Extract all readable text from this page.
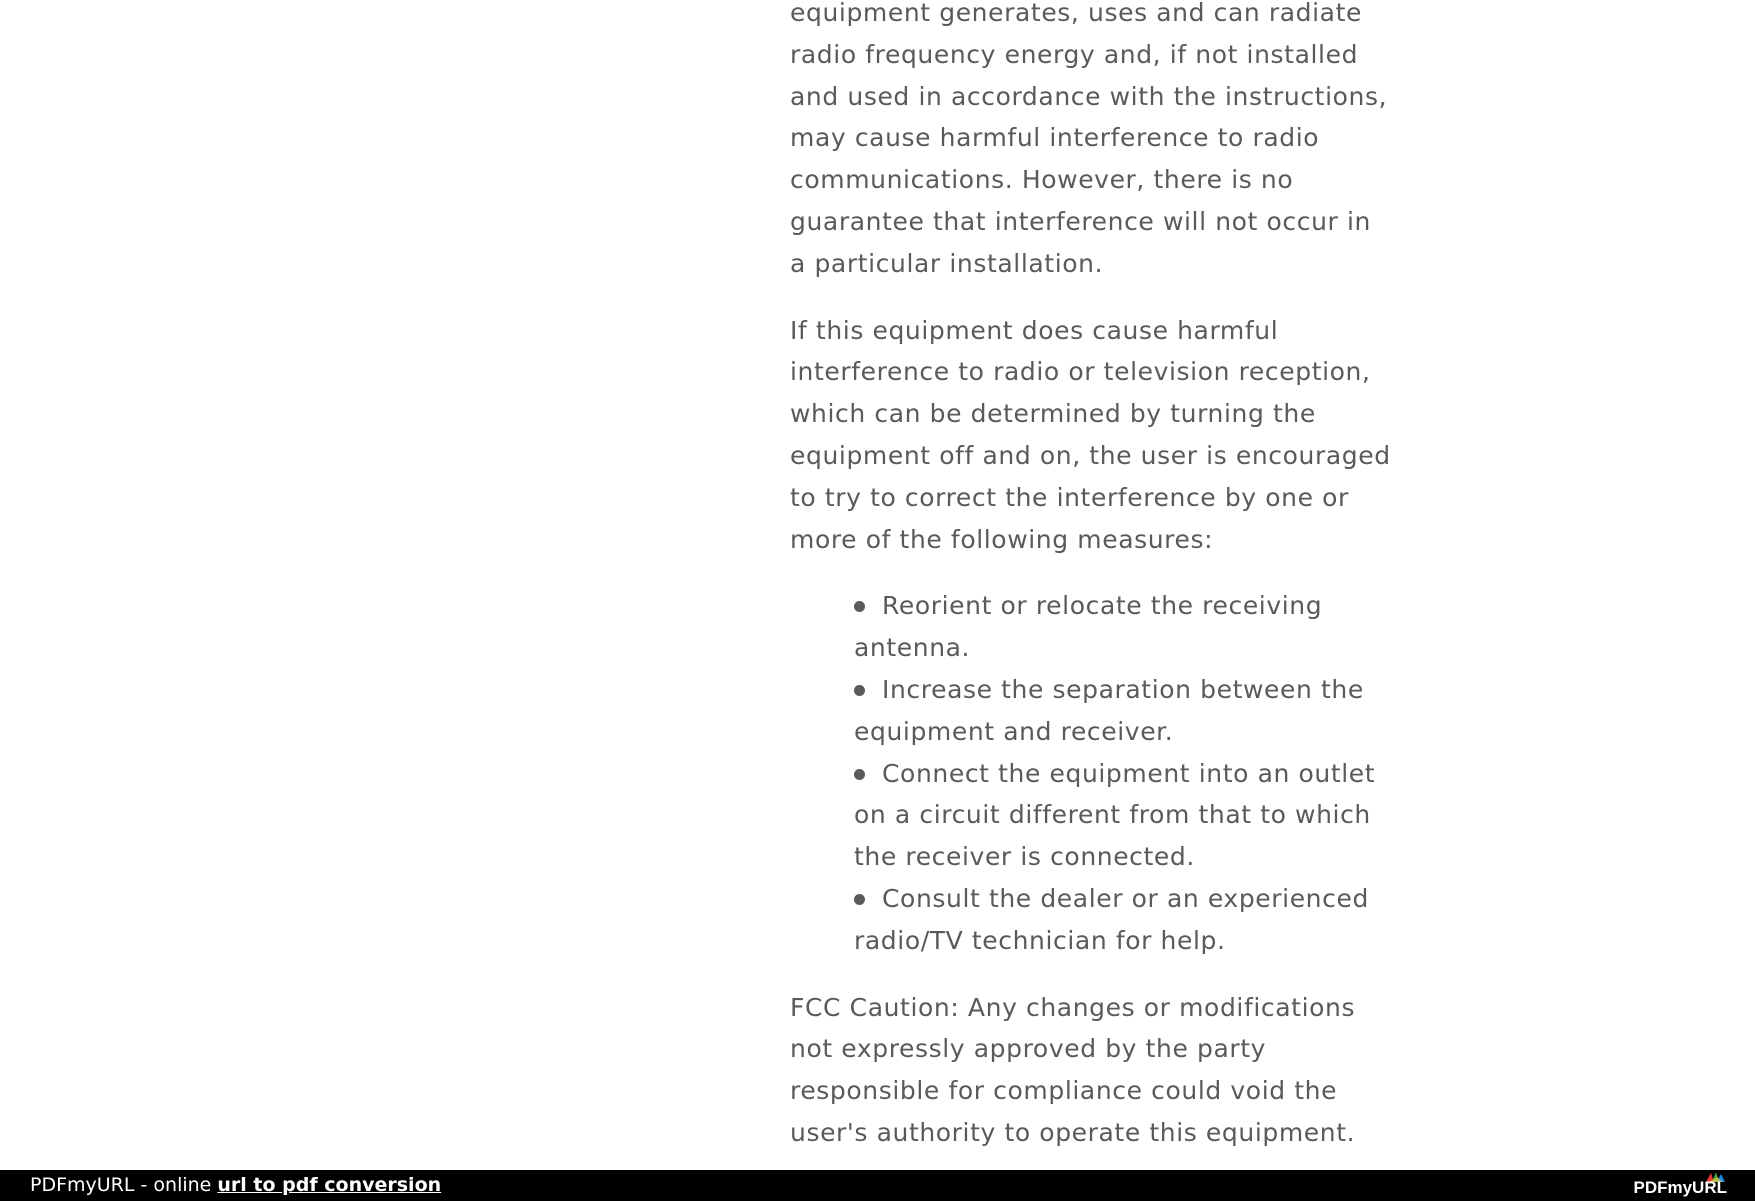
equipment generates, uses and can radiate
radio frequency energy and, if not installed
and used in accordance with the instructions,
may cause harmful interference to radio
communications. However, there is no
guarantee that interference will not occur in
a particular installation.

If this equipment does cause harmful
interference to radio or television reception,
which can be determined by turning the
equipment off and on, the user is encouraged
to try to correct the interference by one or
more of the following measures:

Reorient or relocate the receiving
antenna.
Increase the separation between the
equipment and receiver.
Connect the equipment into an outlet
on a circuit different from that to which
the receiver is connected.
Consult the dealer or an experienced
radio/TV technician for help.

FCC Caution: Any changes or modifications
not expressly approved by the party
responsible for compliance could void the
user's authority to operate this equipment.

PDFmyURL - online url to pdf conversion	PDFmyURL
